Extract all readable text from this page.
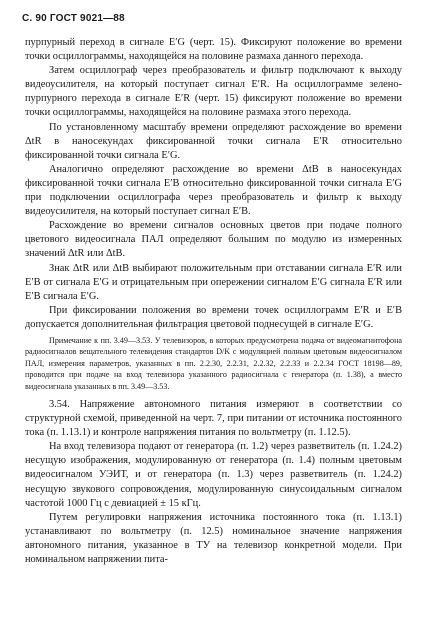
С. 90 ГОСТ 9021—88

пурпурный переход в сигнале E′G (черт. 15). Фиксируют положение во времени точки осциллограммы, находящейся на половине размаха данного перехода.

Затем осциллограф через преобразователь и фильтр подключают к выходу видеоусилителя, на который поступает сигнал E′R. На осциллограмме зелено-пурпурного перехода в сигнале E′R (черт. 15) фиксируют положение во времени точки осциллограммы, находящейся на половине размаха этого перехода.

По установленному масштабу времени определяют расхождение во времени ΔtR в наносекундах фиксированной точки сигнала E′R относительно фиксированной точки сигнала E′G.

Аналогично определяют расхождение во времени ΔtB в наносекундах фиксированной точки сигнала E′B относительно фиксированной точки сигнала E′G при подключении осциллографа через преобразователь и фильтр к выходу видеоусилителя, на который поступает сигнал E′B.

Расхождение во времени сигналов основных цветов при подаче полного цветового видеосигнала ПАЛ определяют большим по модулю из измеренных значений ΔtR или ΔtB.

Знак ΔtR или ΔtB выбирают положительным при отставании сигнала E′R или E′B от сигнала E′G и отрицательным при опережении сигналом E′G сигнала E′R или E′B сигнала E′G.

При фиксировании положения во времени точек осциллограмм E′R и E′B допускается дополнительная фильтрация цветовой поднесущей в сигнале E′G.

Примечание к пп. 3.49—3.53. У телевизоров, в которых предусмотрена подача от видеомагнитофона радиосигналов вещательного телевидения стандартов D/K с модуляцией полным цветовым видеосигналом ПАЛ, измерения параметров, указанных в пп. 2.2.30, 2.2.31, 2.2.32, 2.2.33 и 2.2.34 ГОСТ 18198—89, проводится при подаче на вход телевизора указанного радиосигнала с генератора (п. 1.38), а вместо видеосигнала указанных в пп. 3.49—3.53.

3.54. Напряжение автономного питания измеряют в соответствии со структурной схемой, приведенной на черт. 7, при питании от источника постоянного тока (п. 1.13.1) и контроле напряжения питания по вольтметру (п. 1.12.5).

На вход телевизора подают от генератора (п. 1.2) через разветвитель (п. 1.24.2) несущую изображения, модулированную от генератора (п. 1.4) полным цветовым видеосигналом УЭИТ, и от генератора (п. 1.3) через разветвитель (п. 1.24.2) несущую звукового сопровождения, модулированную синусоидальным сигналом частотой 1000 Гц с девиацией ± 15 кГц.

Путем регулировки напряжения источника постоянного тока (п. 1.13.1) устанавливают по вольтметру (п. 12.5) номинальное значение напряжения автономного питания, указанное в ТУ на телевизор конкретной модели. При номинальном напряжении пита-
